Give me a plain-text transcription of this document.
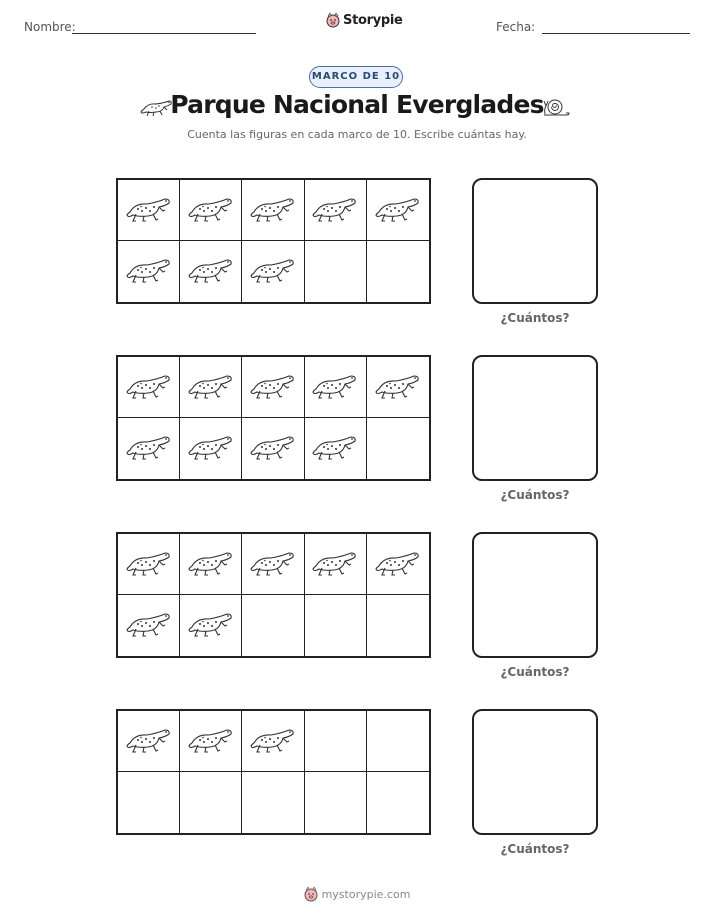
Nombre:	Storypie	Fecha:
MARCO DE 10
Parque Nacional Everglades
Cuenta las figuras en cada marco de 10. Escribe cuántas hay.
¿Cuántos?
¿Cuántos?
¿Cuántos?
¿Cuántos?
mystorypie.com
